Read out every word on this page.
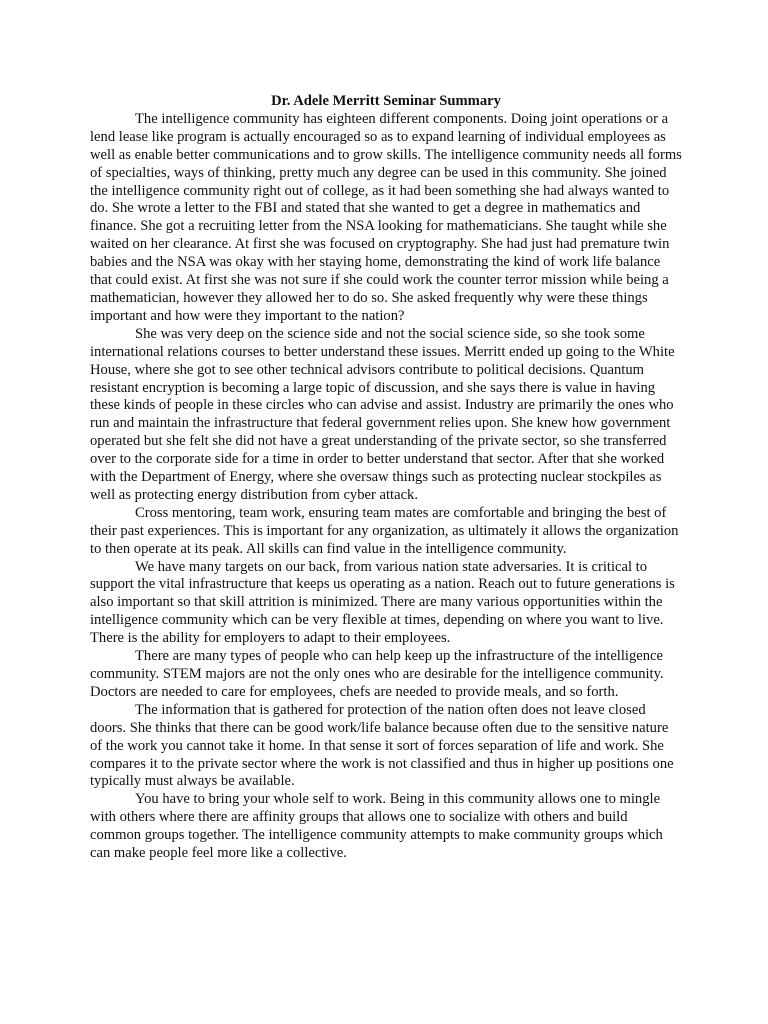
Dr. Adele Merritt Seminar Summary

The intelligence community has eighteen different components. Doing joint operations or a lend lease like program is actually encouraged so as to expand learning of individual employees as well as enable better communications and to grow skills. The intelligence community needs all forms of specialties, ways of thinking, pretty much any degree can be used in this community. She joined the intelligence community right out of college, as it had been something she had always wanted to do. She wrote a letter to the FBI and stated that she wanted to get a degree in mathematics and finance. She got a recruiting letter from the NSA looking for mathematicians. She taught while she waited on her clearance. At first she was focused on cryptography. She had just had premature twin babies and the NSA was okay with her staying home, demonstrating the kind of work life balance that could exist. At first she was not sure if she could work the counter terror mission while being a mathematician, however they allowed her to do so. She asked frequently why were these things important and how were they important to the nation?

She was very deep on the science side and not the social science side, so she took some international relations courses to better understand these issues. Merritt ended up going to the White House, where she got to see other technical advisors contribute to political decisions. Quantum resistant encryption is becoming a large topic of discussion, and she says there is value in having these kinds of people in these circles who can advise and assist. Industry are primarily the ones who run and maintain the infrastructure that federal government relies upon. She knew how government operated but she felt she did not have a great understanding of the private sector, so she transferred over to the corporate side for a time in order to better understand that sector. After that she worked with the Department of Energy, where she oversaw things such as protecting nuclear stockpiles as well as protecting energy distribution from cyber attack.

Cross mentoring, team work, ensuring team mates are comfortable and bringing the best of their past experiences. This is important for any organization, as ultimately it allows the organization to then operate at its peak. All skills can find value in the intelligence community.

We have many targets on our back, from various nation state adversaries. It is critical to support the vital infrastructure that keeps us operating as a nation. Reach out to future generations is also important so that skill attrition is minimized. There are many various opportunities within the intelligence community which can be very flexible at times, depending on where you want to live. There is the ability for employers to adapt to their employees.

There are many types of people who can help keep up the infrastructure of the intelligence community. STEM majors are not the only ones who are desirable for the intelligence community. Doctors are needed to care for employees, chefs are needed to provide meals, and so forth.

The information that is gathered for protection of the nation often does not leave closed doors. She thinks that there can be good work/life balance because often due to the sensitive nature of the work you cannot take it home. In that sense it sort of forces separation of life and work. She compares it to the private sector where the work is not classified and thus in higher up positions one typically must always be available.

You have to bring your whole self to work. Being in this community allows one to mingle with others where there are affinity groups that allows one to socialize with others and build common groups together. The intelligence community attempts to make community groups which can make people feel more like a collective.
